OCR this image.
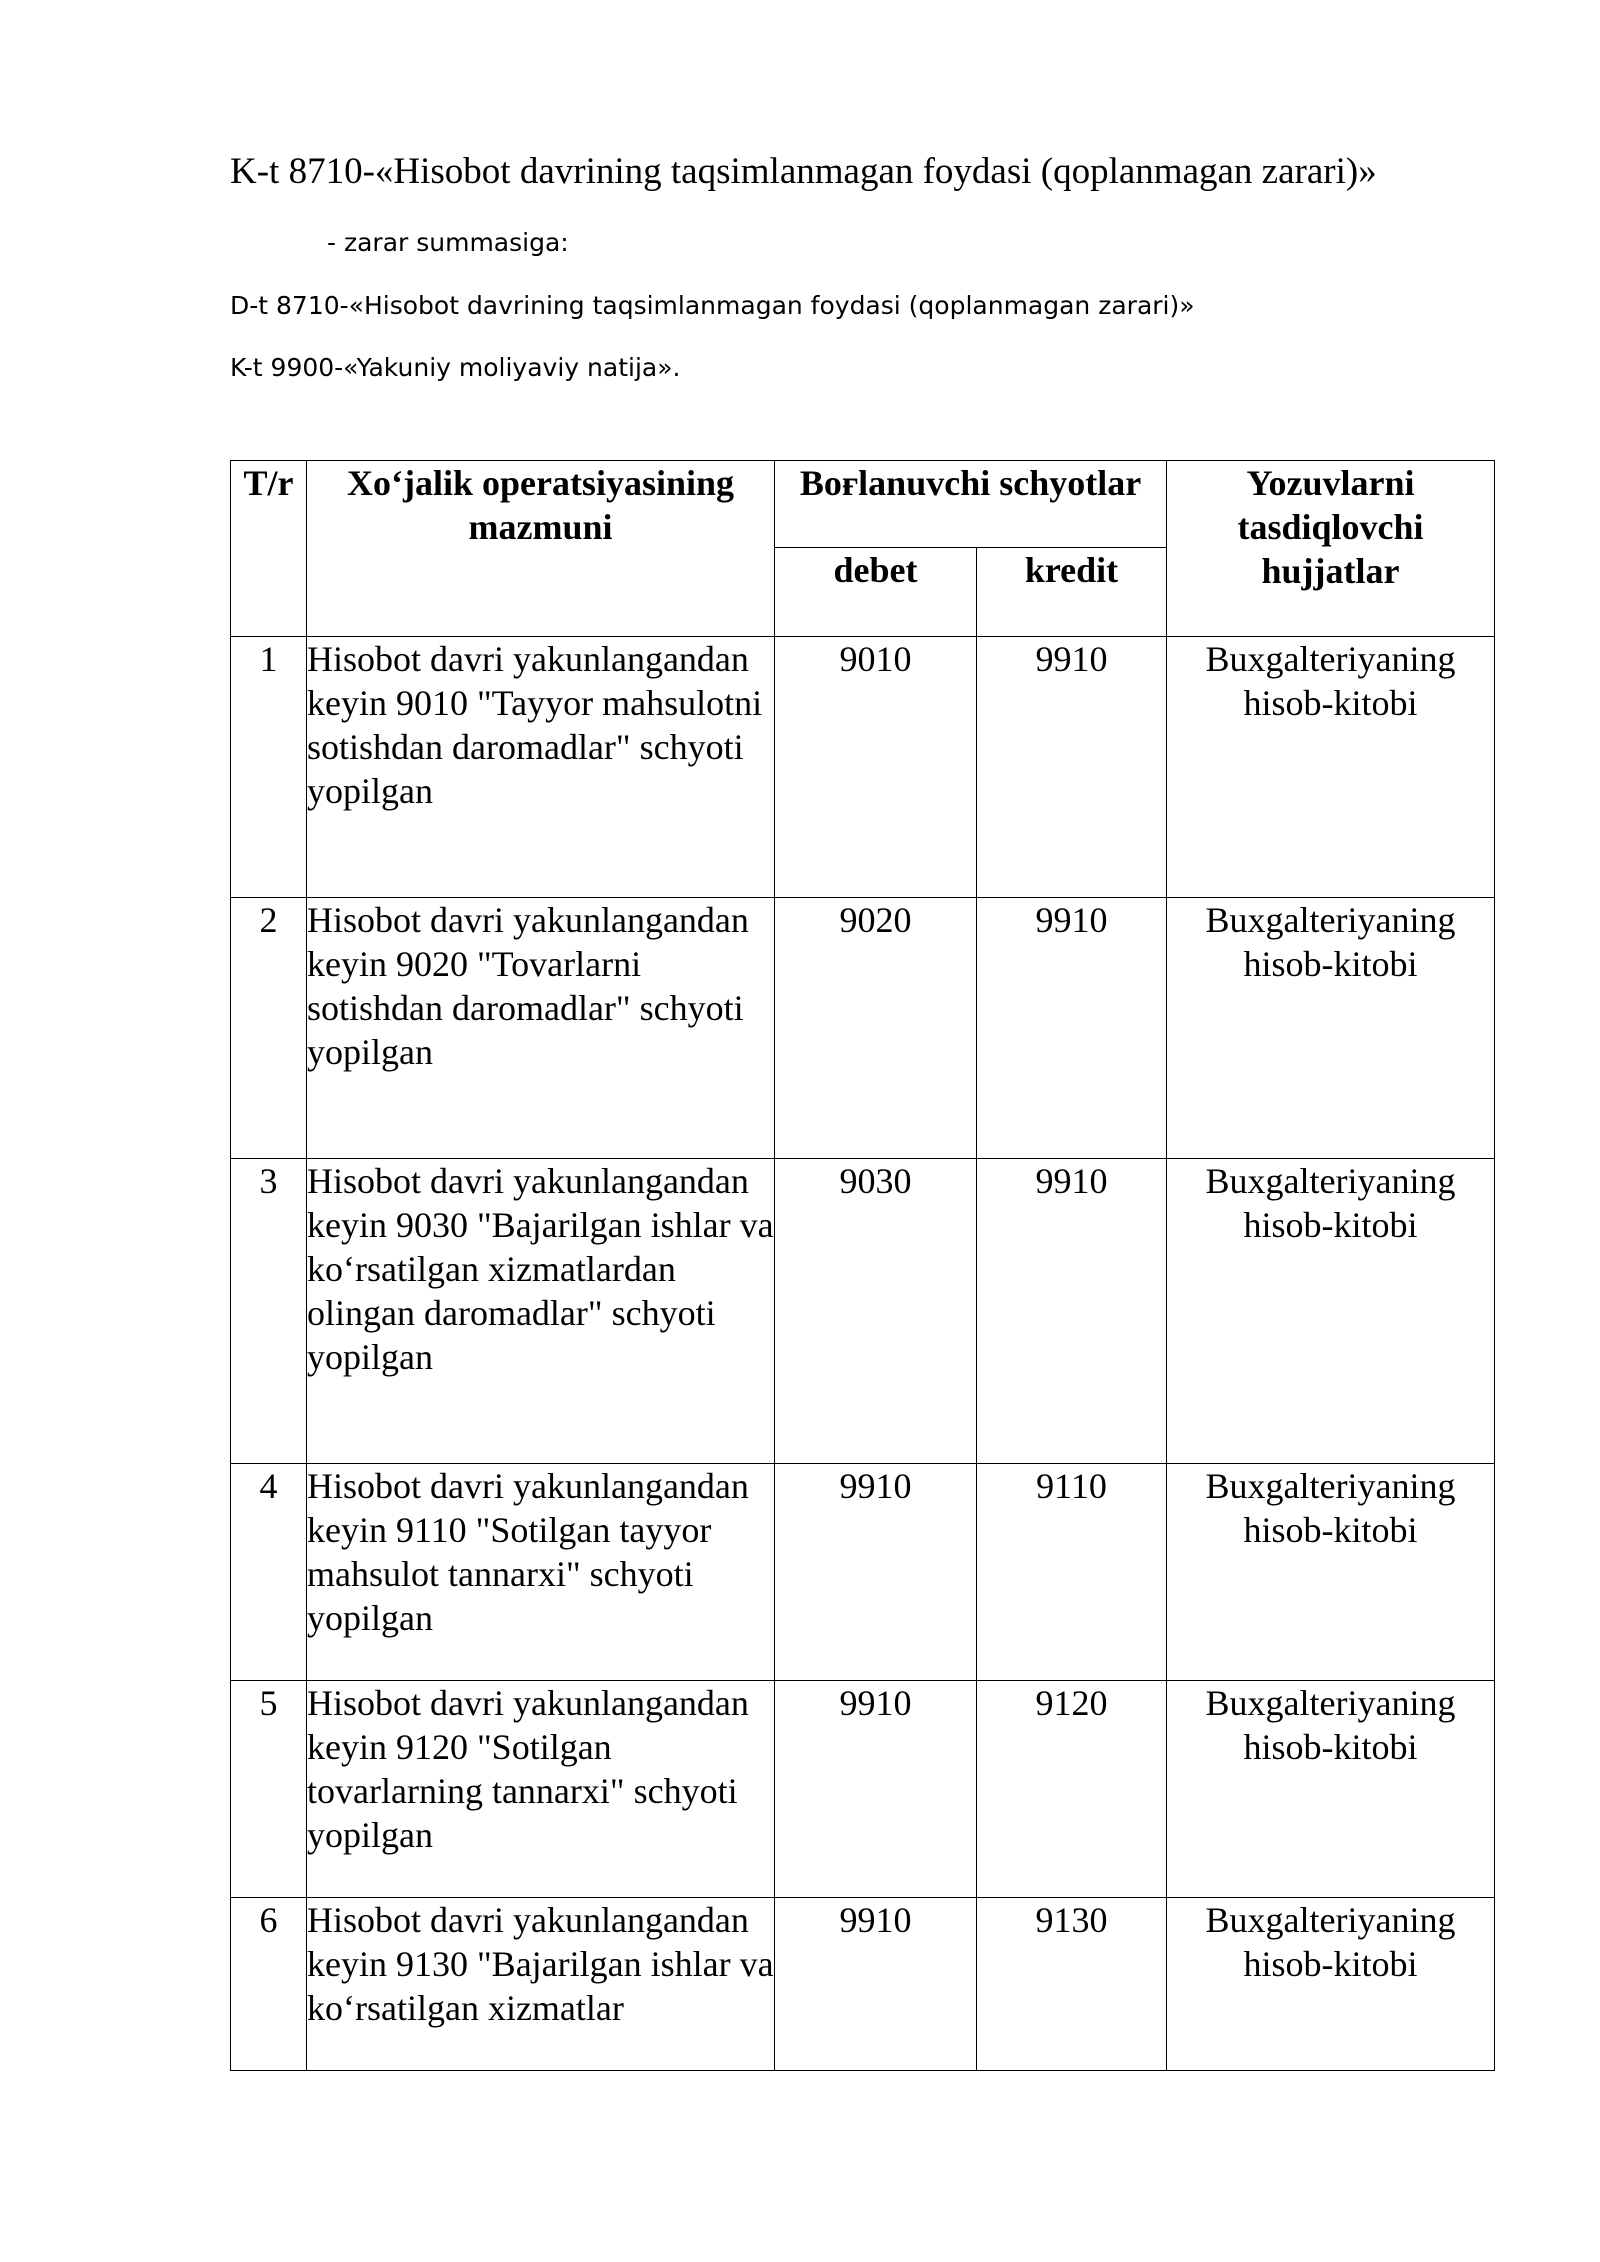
K-t 8710-«Hisobot davrining taqsimlanmagan foydasi (qoplanmagan zarari)»
- zarar summasiga:
D-t 8710-«Hisobot davrining taqsimlanmagan foydasi (qoplanmagan zarari)»
K-t 9900-«Yakuniy moliyaviy natija».
T/r	Xo‘jalik operatsiyasining mazmuni	Boғlanuvchi schyotlar		Yozuvlarni tasdiqlovchi hujjatlar
		debet	kredit	
1	Hisobot davri yakunlangandan keyin 9010 "Tayyor mahsulotni sotishdan daromadlar" schyoti yopilgan	9010	9910	Buxgalteriyaning hisob-kitobi
2	Hisobot davri yakunlangandan keyin 9020 "Tovarlarni sotishdan daromadlar" schyoti yopilgan	9020	9910	Buxgalteriyaning hisob-kitobi
3	Hisobot davri yakunlangandan keyin 9030 "Bajarilgan ishlar va ko‘rsatilgan xizmatlardan olingan daromadlar" schyoti yopilgan	9030	9910	Buxgalteriyaning hisob-kitobi
4	Hisobot davri yakunlangandan keyin 9110 "Sotilgan tayyor mahsulot tannarxi" schyoti yopilgan	9910	9110	Buxgalteriyaning hisob-kitobi
5	Hisobot davri yakunlangandan keyin 9120 "Sotilgan tovarlarning tannarxi" schyoti yopilgan	9910	9120	Buxgalteriyaning hisob-kitobi
6	Hisobot davri yakunlangandan keyin 9130 "Bajarilgan ishlar va ko‘rsatilgan xizmatlar	9910	9130	Buxgalteriyaning hisob-kitobi
